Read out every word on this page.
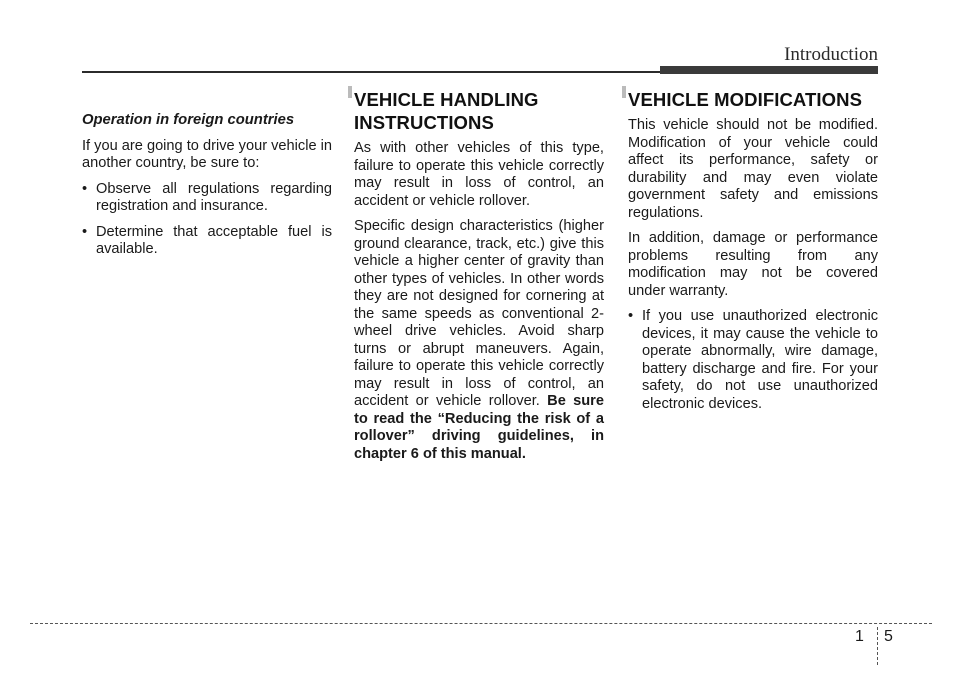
Introduction
Operation in foreign countries

If you are going to drive your vehicle in another country, be sure to:

• Observe all regulations regarding registration and insurance.
• Determine that acceptable fuel is available.
VEHICLE HANDLING
INSTRUCTIONS

As with other vehicles of this type, failure to operate this vehicle correctly may result in loss of control, an accident or vehicle rollover.

Specific design characteristics (higher ground clearance, track, etc.) give this vehicle a higher center of gravity than other types of vehicles. In other words they are not designed for cornering at the same speeds as conventional 2-wheel drive vehicles. Avoid sharp turns or abrupt maneuvers. Again, failure to operate this vehicle correctly may result in loss of control, an accident or vehicle rollover. Be sure to read the “Reducing the risk of a rollover” driving guidelines, in chapter 6 of this manual.

VEHICLE MODIFICATIONS

This vehicle should not be modified. Modification of your vehicle could affect its performance, safety or durability and may even violate government safety and emissions regulations.

In addition, damage or performance problems resulting from any modification may not be covered under warranty.

• If you use unauthorized electronic devices, it may cause the vehicle to operate abnormally, wire damage, battery discharge and fire. For your safety, do not use unauthorized electronic devices.
1 5
